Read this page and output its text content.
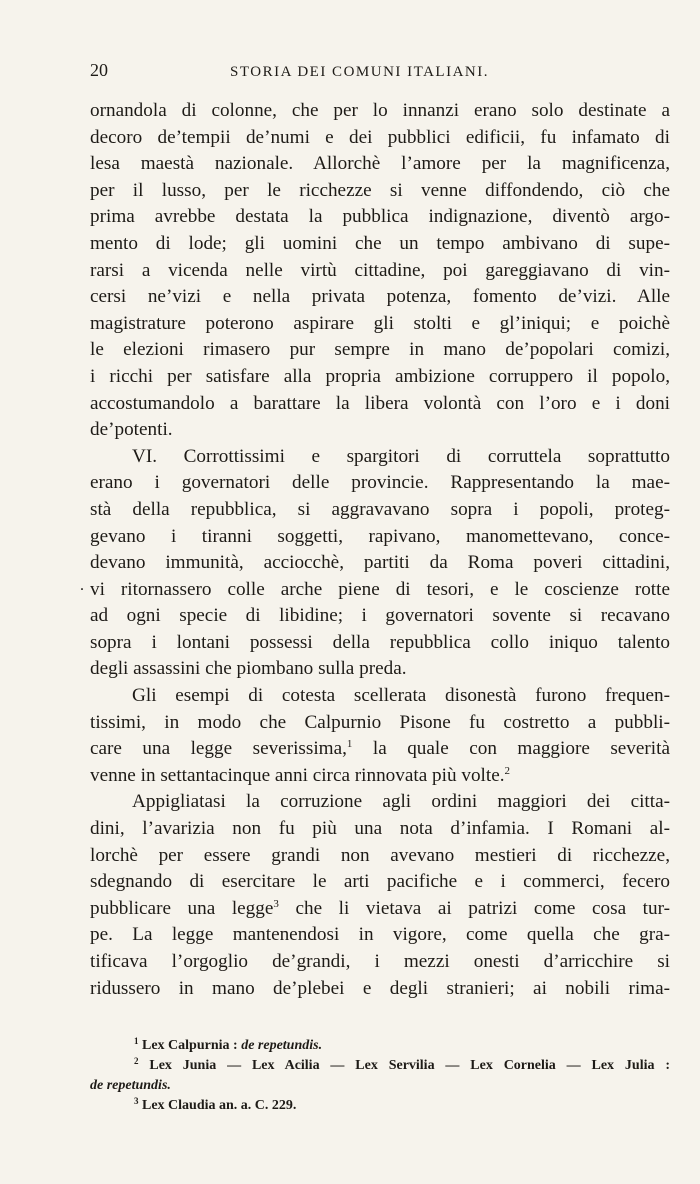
20	STORIA DEI COMUNI ITALIANI.
ornandola di colonne, che per lo innanzi erano solo destinate a
decoro de’tempii de’numi e dei pubblici edificii, fu infamato di
lesa maestà nazionale. Allorchè l’amore per la magnificenza,
per il lusso, per le ricchezze si venne diffondendo, ciò che
prima avrebbe destata la pubblica indignazione, diventò argo-
mento di lode; gli uomini che un tempo ambivano di supe-
rarsi a vicenda nelle virtù cittadine, poi gareggiavano di vin-
cersi ne’vizi e nella privata potenza, fomento de’vizi. Alle
magistrature poterono aspirare gli stolti e gl’iniqui; e poichè
le elezioni rimasero pur sempre in mano de’popolari comizi,
i ricchi per satisfare alla propria ambizione corruppero il popolo,
accostumandolo a barattare la libera volontà con l’oro e i doni
de’potenti.
VI. Corrottissimi e spargitori di corruttela soprattutto
erano i governatori delle provincie. Rappresentando la mae-
stà della repubblica, si aggravavano sopra i popoli, proteg-
gevano i tiranni soggetti, rapivano, manomettevano, conce-
devano immunità, acciocchè, partiti da Roma poveri cittadini,
. vi ritornassero colle arche piene di tesori, e le coscienze rotte
ad ogni specie di libidine; i governatori sovente si recavano
sopra i lontani possessi della repubblica collo iniquo talento
degli assassini che piombano sulla preda.
Gli esempi di cotesta scellerata disonestà furono frequen-
tissimi, in modo che Calpurnio Pisone fu costretto a pubbli-
care una legge severissima,$^1$ la quale con maggiore severità
venne in settantacinque anni circa rinnovata più volte.$^2$
Appigliatasi la corruzione agli ordini maggiori dei citta-
dini, l’avarizia non fu più una nota d’infamia. I Romani al-
lorchè per essere grandi non avevano mestieri di ricchezze,
sdegnando di esercitare le arti pacifiche e i commerci, fecero
pubblicare una legge$^3$ che li vietava ai patrizi come cosa tur-
pe. La legge mantenendosi in vigore, come quella che gra-
tificava l’orgoglio de’grandi, i mezzi onesti d’arricchire si
ridussero in mano de’plebei e degli stranieri; ai nobili rima-
$^1$ Lex Calpurnia : de repetundis.
$^2$ Lex Junia — Lex Acilia — Lex Servilia — Lex Cornelia — Lex Julia :
de repetundis.
$^3$ Lex Claudia an. a. C. 229.
